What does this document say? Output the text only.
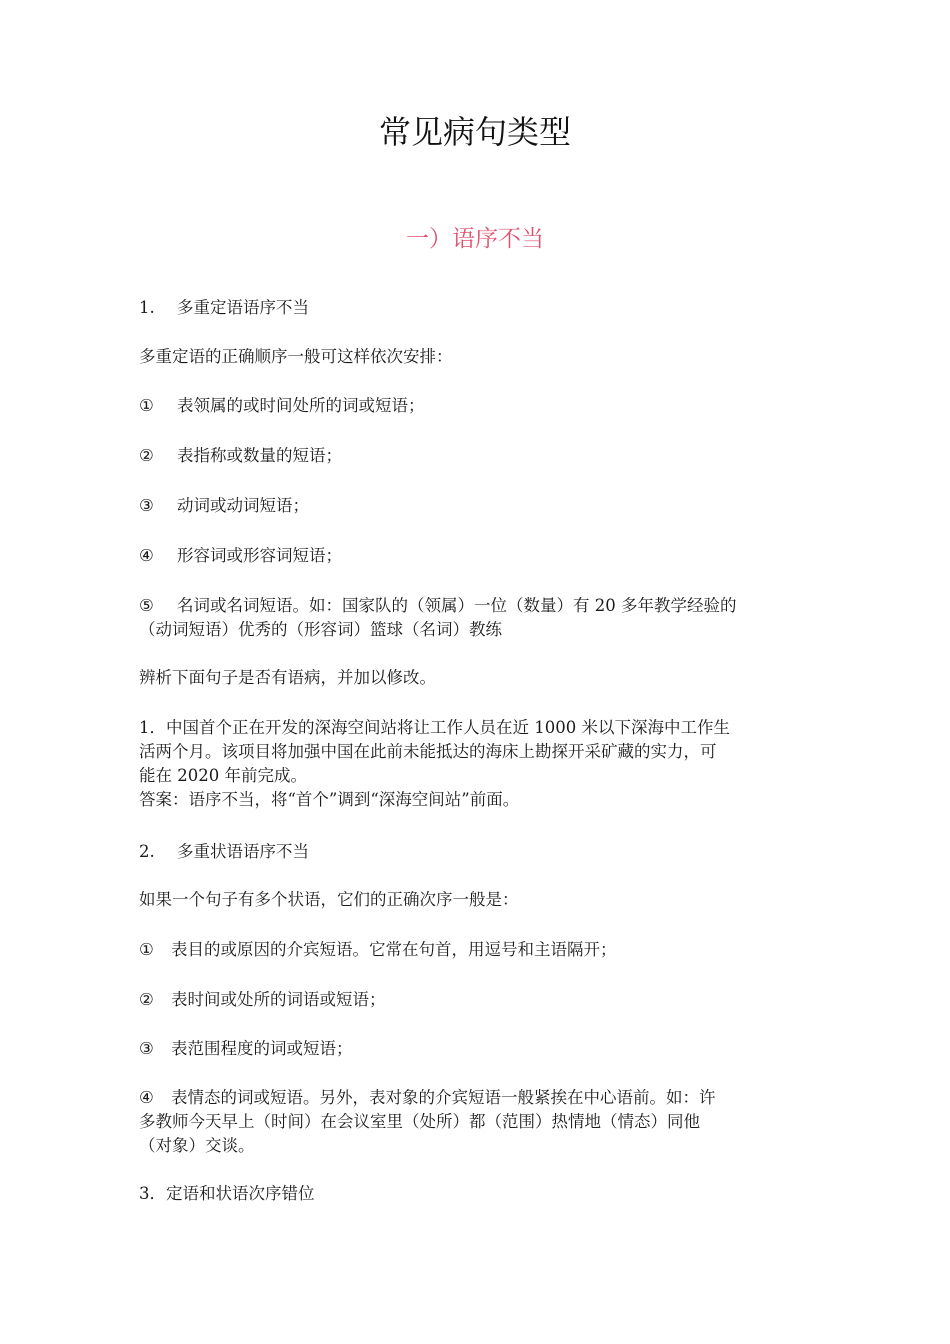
常见病句类型
一）语序不当
1. 多重定语语序不当
多重定语的正确顺序一般可这样依次安排：
① 表领属的或时间处所的词或短语；
② 表指称或数量的短语；
③ 动词或动词短语；
④ 形容词或形容词短语；
⑤ 名词或名词短语。如：国家队的（领属）一位（数量）有 20 多年教学经验的
（动词短语）优秀的（形容词）篮球（名词）教练
辨析下面句子是否有语病，并加以修改。
1．中国首个正在开发的深海空间站将让工作人员在近 1000 米以下深海中工作生
活两个月。该项目将加强中国在此前未能抵达的海床上勘探开采矿藏的实力，可
能在 2020 年前完成。
答案：语序不当，将“首个”调到“深海空间站”前面。
2. 多重状语语序不当
如果一个句子有多个状语，它们的正确次序一般是：
① 表目的或原因的介宾短语。它常在句首，用逗号和主语隔开；
② 表时间或处所的词语或短语；
③ 表范围程度的词或短语；
④ 表情态的词或短语。另外，表对象的介宾短语一般紧挨在中心语前。如：许
多教师今天早上（时间）在会议室里（处所）都（范围）热情地（情态）同他
（对象）交谈。
3．定语和状语次序错位
